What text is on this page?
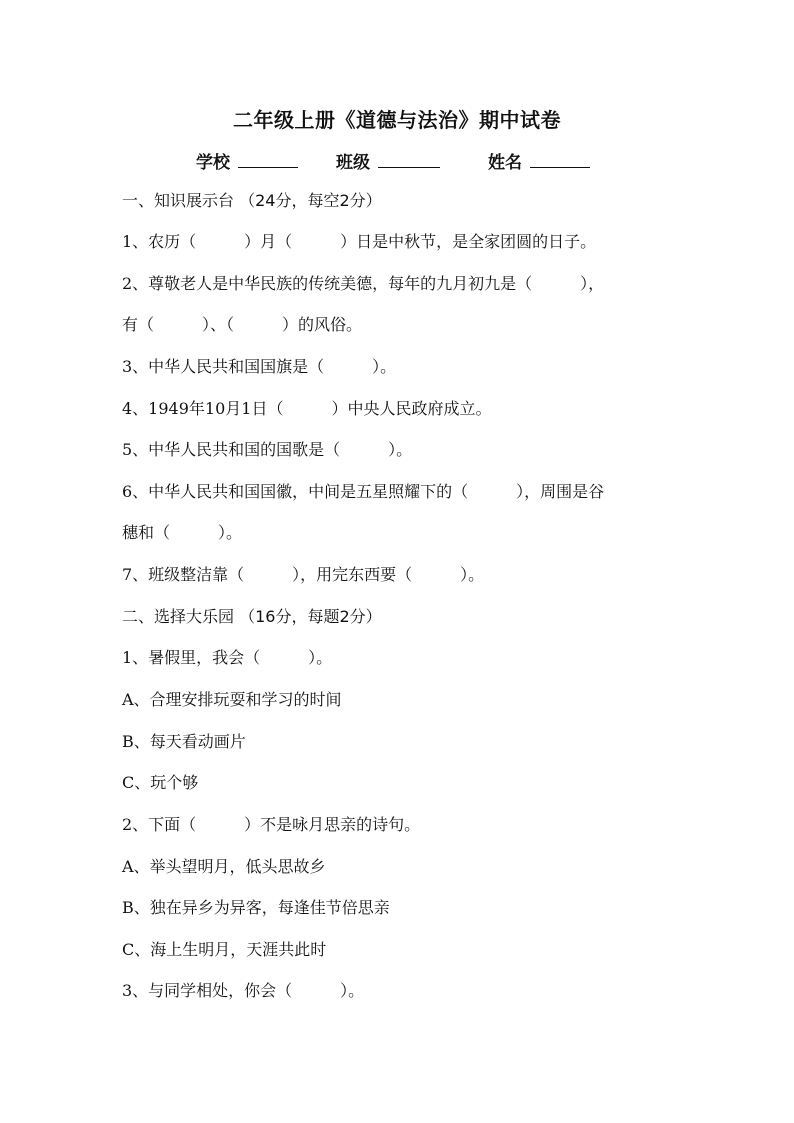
二年级上册《道德与法治》期中试卷
学校	班级	姓名
一、知识展示台 （24分，每空2分）
1、农历（　　　）月（　　　）日是中秋节，是全家团圆的日子。
2、尊敬老人是中华民族的传统美德，每年的九月初九是（　　　），
有（　　　）、（　　　）的风俗。
3、中华人民共和国国旗是（　　　）。
4、1949年10月1日（　　　）中央人民政府成立。
5、中华人民共和国的国歌是（　　　）。
6、中华人民共和国国徽，中间是五星照耀下的（　　　），周围是谷
穗和（　　　）。
7、班级整洁靠（　　　），用完东西要（　　　）。
二、选择大乐园 （16分，每题2分）
1、暑假里，我会（　　　）。
A、合理安排玩耍和学习的时间
B、每天看动画片
C、玩个够
2、下面（　　　）不是咏月思亲的诗句。
A、举头望明月，低头思故乡
B、独在异乡为异客，每逢佳节倍思亲
C、海上生明月，天涯共此时
3、与同学相处，你会（　　　）。
